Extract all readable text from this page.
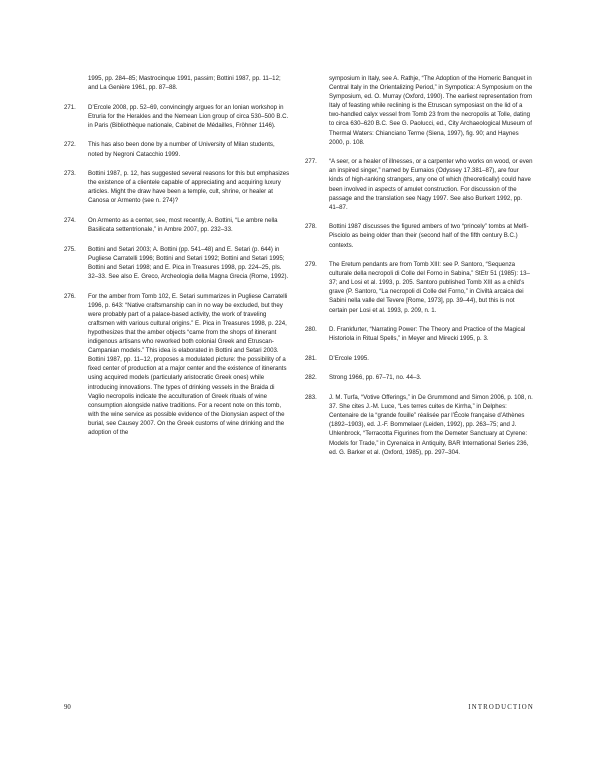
1995, pp. 284–85; Mastrocinque 1991, passim; Bottini 1987, pp. 11–12; and La Genière 1961, pp. 87–88.
271. D’Ercole 2008, pp. 52–69, convincingly argues for an Ionian workshop in Etruria for the Herakles and the Nemean Lion group of circa 530–500 B.C. in Paris (Bibliothèque nationale, Cabinet de Médailles, Fröhner 1146).
272. This has also been done by a number of University of Milan students, noted by Negroni Catacchio 1999.
273. Bottini 1987, p. 12, has suggested several reasons for this but emphasizes the existence of a clientele capable of appreciating and acquiring luxury articles. Might the draw have been a temple, cult, shrine, or healer at Canosa or Armento (see n. 274)?
274. On Armento as a center, see, most recently, A. Bottini, “Le ambre nella Basilicata settentrionale,” in Ambre 2007, pp. 232–33.
275. Bottini and Setari 2003; A. Bottini (pp. 541–48) and E. Setari (p. 644) in Pugliese Carratelli 1996; Bottini and Setari 1992; Bottini and Setari 1995; Bottini and Setari 1998; and E. Pica in Treasures 1998, pp. 224–25, pls. 32–33. See also E. Greco, Archeologia della Magna Grecia (Rome, 1992).
276. For the amber from Tomb 102, E. Setari summarizes in Pugliese Carratelli 1996, p. 643: “Native craftsmanship can in no way be excluded, but they were probably part of a palace-based activity, the work of traveling craftsmen with various cultural origins.” E. Pica in Treasures 1998, p. 224, hypothesizes that the amber objects “came from the shops of itinerant indigenous artisans who reworked both colonial Greek and Etruscan-Campanian models.” This idea is elaborated in Bottini and Setari 2003. Bottini 1987, pp. 11–12, proposes a modulated picture: the possibility of a fixed center of production at a major center and the existence of itinerants using acquired models (particularly aristocratic Greek ones) while introducing innovations. The types of drinking vessels in the Braida di Vaglio necropolis indicate the acculturation of Greek rituals of wine consumption alongside native traditions. For a recent note on this tomb, with the wine service as possible evidence of the Dionysian aspect of the burial, see Causey 2007. On the Greek customs of wine drinking and the adoption of the
symposium in Italy, see A. Rathje, “The Adoption of the Homeric Banquet in Central Italy in the Orientalizing Period,” in Sympotica: A Symposium on the Symposium, ed. O. Murray (Oxford, 1990). The earliest representation from Italy of feasting while reclining is the Etruscan symposiast on the lid of a two-handled calyx vessel from Tomb 23 from the necropolis at Tolle, dating to circa 630–620 B.C. See G. Paolucci, ed., City Archaeological Museum of Thermal Waters: Chianciano Terme (Siena, 1997), fig. 90; and Haynes 2000, p. 108.
277. “A seer, or a healer of illnesses, or a carpenter who works on wood, or even an inspired singer,” named by Eumaios (Odyssey 17.381–87), are four kinds of high-ranking strangers, any one of which (theoretically) could have been involved in aspects of amulet construction. For discussion of the passage and the translation see Nagy 1997. See also Burkert 1992, pp. 41–87.
278. Bottini 1987 discusses the figured ambers of two “princely” tombs at Melfi-Pisciolo as being older than their (second half of the fifth century B.C.) contexts.
279. The Eretum pendants are from Tomb XIII: see P. Santoro, “Sequenza culturale della necropoli di Colle del Forno in Sabina,” StEtr 51 (1985): 13–37; and Losi et al. 1993, p. 205. Santoro published Tomb XIII as a child’s grave (P. Santoro, “La necropoli di Colle del Forno,” in Civiltà arcaica dei Sabini nella valle del Tevere [Rome, 1973], pp. 39–44), but this is not certain per Losi et al. 1993, p. 209, n. 1.
280. D. Frankfurter, “Narrating Power: The Theory and Practice of the Magical Historiola in Ritual Spells,” in Meyer and Mirecki 1995, p. 3.
281. D’Ercole 1995.
282. Strong 1966, pp. 67–71, no. 44–3.
283. J. M. Turfa, “Votive Offerings,” in De Grummond and Simon 2006, p. 108, n. 37. She cites J.-M. Luce, “Les terres cuites de Kirrha,” in Delphes: Centenaire de la “grande fouille” réalisée par l’École française d’Athènes (1892–1903), ed. J.-F. Bommelaer (Leiden, 1992), pp. 263–75; and J. Uhlenbrock, “Terracotta Figurines from the Demeter Sanctuary at Cyrene: Models for Trade,” in Cyrenaica in Antiquity, BAR International Series 236, ed. G. Barker et al. (Oxford, 1985), pp. 297–304.
90	INTRODUCTION
